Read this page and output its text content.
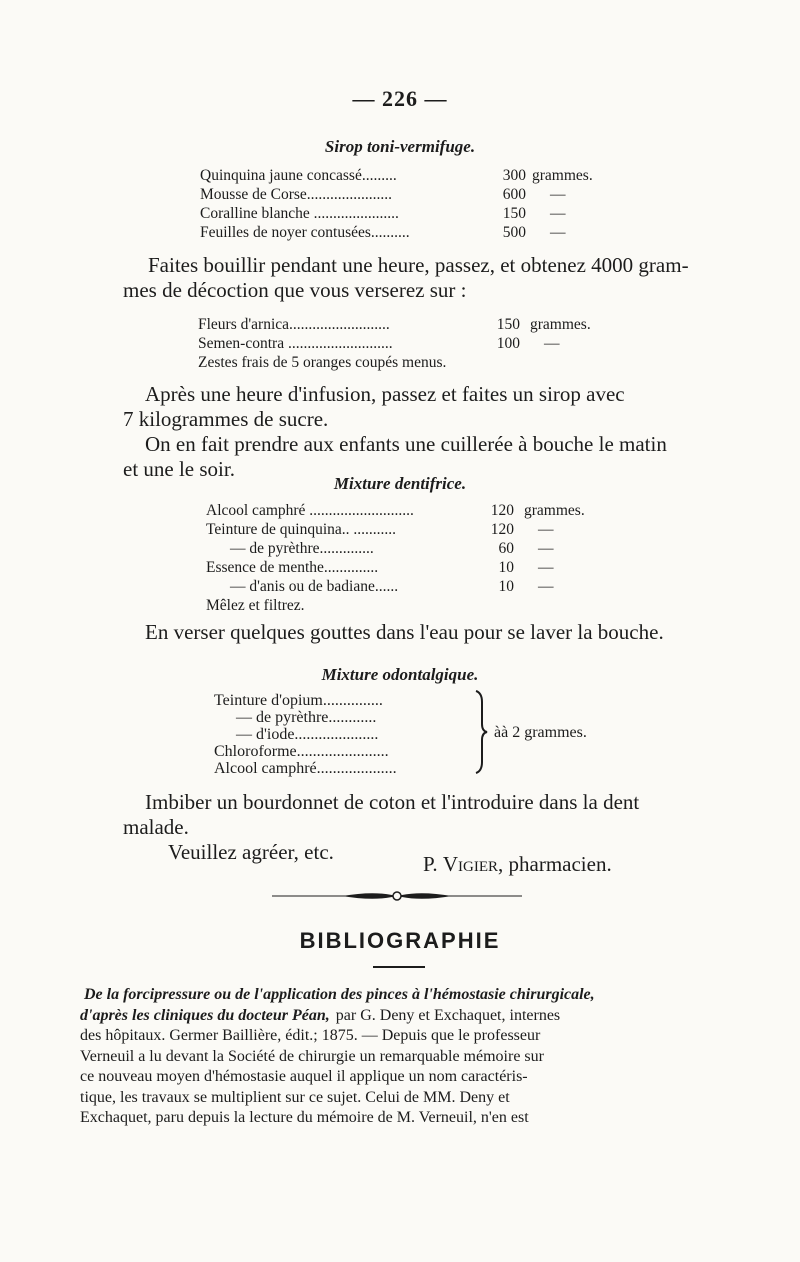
— 226 —
Sirop toni-vermifuge.
Quinquina jaune concassé.........	300 grammes.
Mousse de Corse......................	600	—
Coralline blanche ......................	150	—
Feuilles de noyer contusées..........	500	—
Faites bouillir pendant une heure, passez, et obtenez 4000 gram-
mes de décoction que vous verserez sur :
Fleurs d'arnica..........................	150 grammes.
Semen-contra ...........................	100	—
Zestes frais de 5 oranges coupés menus.
Après une heure d'infusion, passez et faites un sirop avec
7 kilogrammes de sucre.
On en fait prendre aux enfants une cuillerée à bouche le matin
et une le soir.
Mixture dentifrice.
Alcool camphré ...........................	120 grammes.
Teinture de quinquina.. ...........	120	—
— de pyrèthre..............	60	—
Essence de menthe..............	10	—
— d'anis ou de badiane......	10	—
Mêlez et filtrez.
En verser quelques gouttes dans l'eau pour se laver la bouche.
Mixture odontalgique.
Teinture d'opium...............
— de pyrèthre............
— d'iode.....................
Chloroforme.......................
Alcool camphré....................
àà 2 grammes.
Imbiber un bourdonnet de coton et l'introduire dans la dent
malade.
Veuillez agréer, etc.	P. Vigier, pharmacien.
BIBLIOGRAPHIE
De la forcipressure ou de l'application des pinces à l'hémostasie chirurgicale,
d'après les cliniques du docteur Péan, par G. Deny et Exchaquet, internes
des hôpitaux. Germer Baillière, édit.; 1875. — Depuis que le professeur
Verneuil a lu devant la Société de chirurgie un remarquable mémoire sur
ce nouveau moyen d'hémostasie auquel il applique un nom caractéris-
tique, les travaux se multiplient sur ce sujet. Celui de MM. Deny et
Exchaquet, paru depuis la lecture du mémoire de M. Verneuil, n'en est
